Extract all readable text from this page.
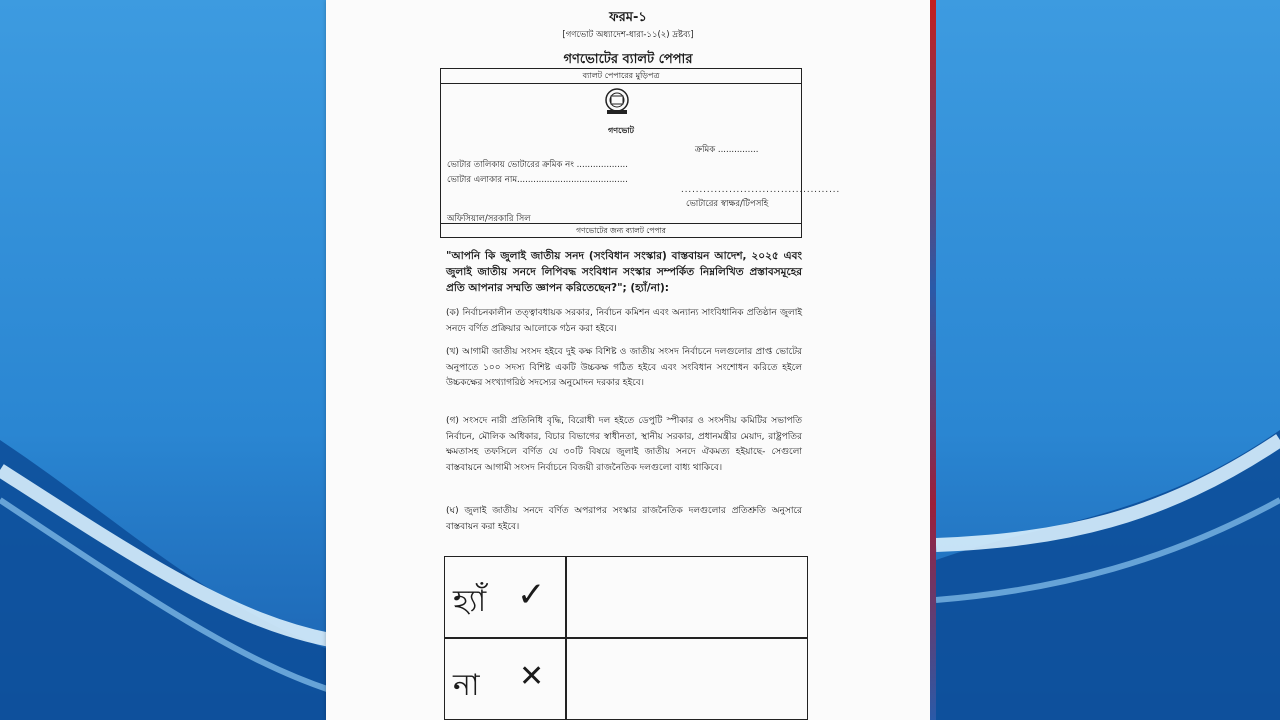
ফরম-১
[গণভোট অধ্যাদেশ-ধারা-১১(২) দ্রষ্টব্য]
গণভোটের ব্যালট পেপার
ব্যালট পেপারের মুড়িপত্র
গণভোট
ক্রমিক ...............
ভোটার তালিকায় ভোটারের ক্রমিক নং ...................
ভোটার এলাকার নাম.........................................
...........................................
ভোটারের স্বাক্ষর/টিপসহি
অফিসিয়াল/সরকারি সিল
গণভোটের জন্য ব্যালট পেপার
"আপনি কি জুলাই জাতীয় সনদ (সংবিধান সংস্কার) বাস্তবায়ন আদেশ, ২০২৫ এবং জুলাই জাতীয় সনদে লিপিবদ্ধ সংবিধান সংস্কার সম্পর্কিত নিম্নলিখিত প্রস্তাবসমূহের প্রতি আপনার সম্মতি জ্ঞাপন করিতেছেন?"; (হ্যাঁ/না):
(ক) নির্বাচনকালীন তত্ত্বাবধায়ক সরকার, নির্বাচন কমিশন এবং অন্যান্য সাংবিধানিক প্রতিষ্ঠান জুলাই সনদে বর্ণিত প্রক্রিয়ার আলোকে গঠন করা হইবে।
(খ) আগামী জাতীয় সংসদ হইবে দুই কক্ষ বিশিষ্ট ও জাতীয় সংসদ নির্বাচনে দলগুলোর প্রাপ্ত ভোটের অনুপাতে ১০০ সদস্য বিশিষ্ট একটি উচ্চকক্ষ গঠিত হইবে এবং সংবিধান সংশোধন করিতে হইলে উচ্চকক্ষের সংখ্যাগরিষ্ঠ সদস্যের অনুমোদন দরকার হইবে।
(গ) সংসদে নারী প্রতিনিধি বৃদ্ধি, বিরোধী দল হইতে ডেপুটি স্পীকার ও সংসদীয় কমিটির সভাপতি নির্বাচন, মৌলিক অধিকার, বিচার বিভাগের স্বাধীনতা, স্থানীয় সরকার, প্রধানমন্ত্রীর মেয়াদ, রাষ্ট্রপতির ক্ষমতাসহ তফসিলে বর্ণিত যে ৩০টি বিষয়ে জুলাই জাতীয় সনদে ঐকমত্য হইয়াছে- সেগুলো বাস্তবায়নে আগামী সংসদ নির্বাচনে বিজয়ী রাজনৈতিক দলগুলো বাধ্য থাকিবে।
(ঘ) জুলাই জাতীয় সনদে বর্ণিত অপরাপর সংস্কার রাজনৈতিক দলগুলোর প্রতিশ্রুতি অনুসারে বাস্তবায়ন করা হইবে।
হ্যাঁ ✓
না ✕
